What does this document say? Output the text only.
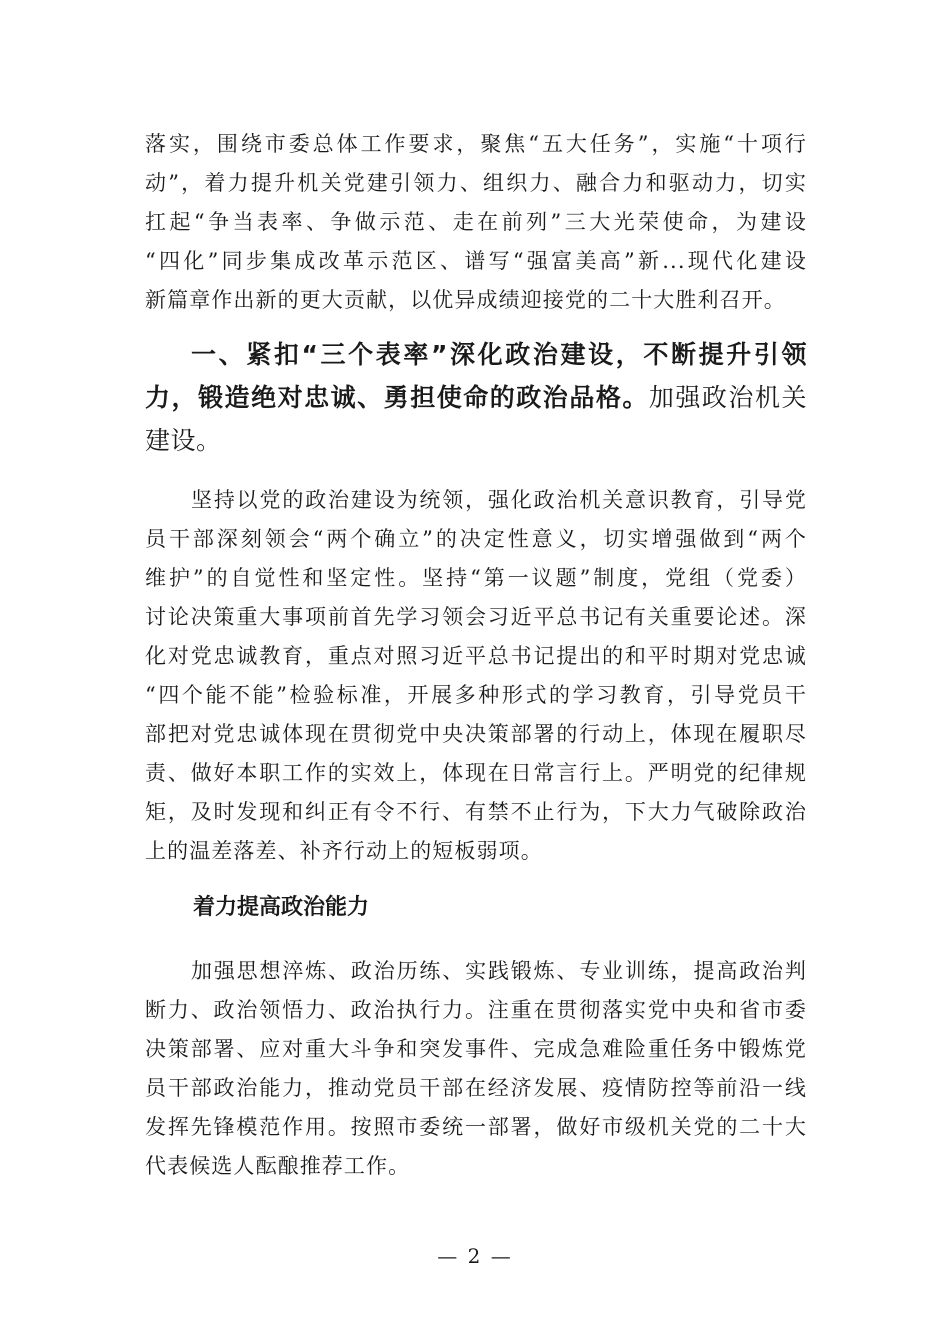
落实，围绕市委总体工作要求，聚焦“五大任务”，实施“十项行
动”，着力提升机关党建引领力、组织力、融合力和驱动力，切实
扛起“争当表率、争做示范、走在前列”三大光荣使命，为建设
“四化”同步集成改革示范区、谱写“强富美高”新...现代化建设
新篇章作出新的更大贡献，以优异成绩迎接党的二十大胜利召开。
一、紧扣“三个表率”深化政治建设，不断提升引领
力，锻造绝对忠诚、勇担使命的政治品格。加强政治机关
建设。
坚持以党的政治建设为统领，强化政治机关意识教育，引导党
员干部深刻领会“两个确立”的决定性意义，切实增强做到“两个
维护”的自觉性和坚定性。坚持“第一议题”制度，党组（党委）
讨论决策重大事项前首先学习领会习近平总书记有关重要论述。深
化对党忠诚教育，重点对照习近平总书记提出的和平时期对党忠诚
“四个能不能”检验标准，开展多种形式的学习教育，引导党员干
部把对党忠诚体现在贯彻党中央决策部署的行动上，体现在履职尽
责、做好本职工作的实效上，体现在日常言行上。严明党的纪律规
矩，及时发现和纠正有令不行、有禁不止行为，下大力气破除政治
上的温差落差、补齐行动上的短板弱项。
着力提高政治能力
加强思想淬炼、政治历练、实践锻炼、专业训练，提高政治判
断力、政治领悟力、政治执行力。注重在贯彻落实党中央和省市委
决策部署、应对重大斗争和突发事件、完成急难险重任务中锻炼党
员干部政治能力，推动党员干部在经济发展、疫情防控等前沿一线
发挥先锋模范作用。按照市委统一部署，做好市级机关党的二十大
代表候选人酝酿推荐工作。
— 2 —
